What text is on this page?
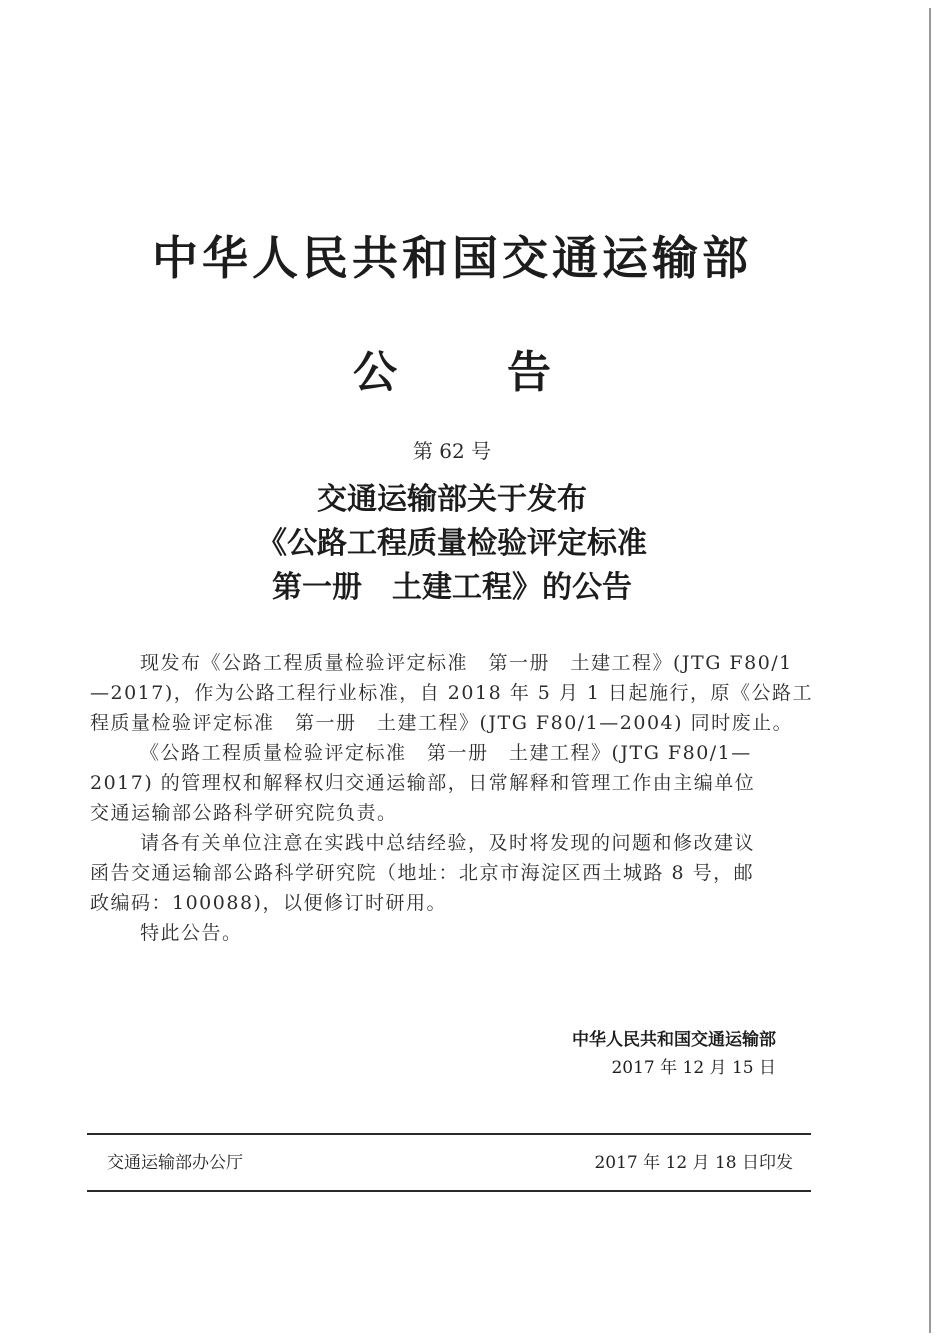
中华人民共和国交通运输部
公	告
第 62 号
交通运输部关于发布
《公路工程质量检验评定标准
第一册　土建工程》的公告
现发布《公路工程质量检验评定标准　第一册　土建工程》(JTG F80/1
—2017)，作为公路工程行业标准，自 2018 年 5 月 1 日起施行，原《公路工
程质量检验评定标准　第一册　土建工程》(JTG F80/1—2004) 同时废止。
《公路工程质量检验评定标准　第一册　土建工程》(JTG F80/1—
2017) 的管理权和解释权归交通运输部，日常解释和管理工作由主编单位
交通运输部公路科学研究院负责。
请各有关单位注意在实践中总结经验，及时将发现的问题和修改建议
函告交通运输部公路科学研究院（地址：北京市海淀区西土城路 8 号，邮
政编码：100088)，以便修订时研用。
特此公告。
中华人民共和国交通运输部
2017 年 12 月 15 日
交通运输部办公厅	2017 年 12 月 18 日印发
